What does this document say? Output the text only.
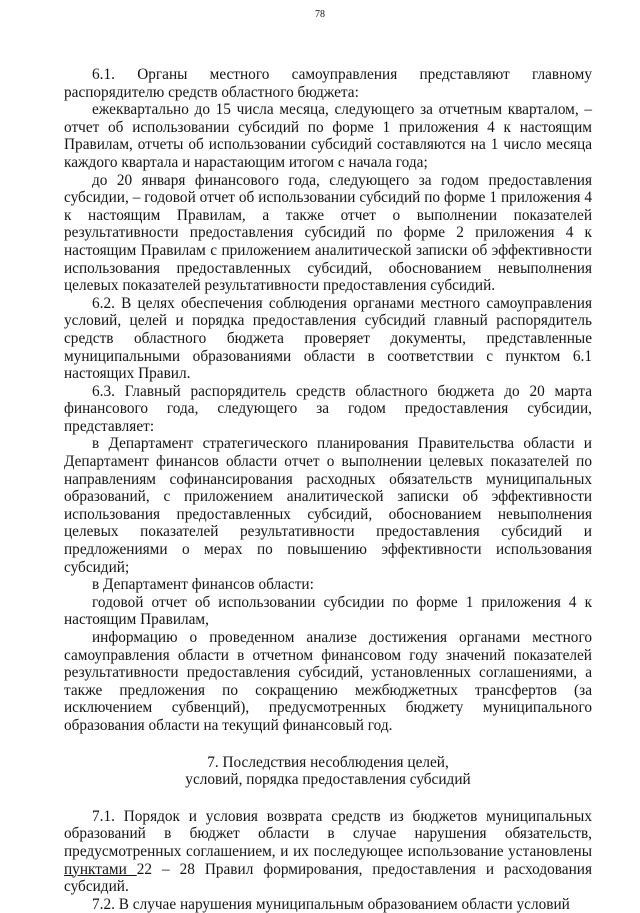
78

6.1. Органы местного самоуправления представляют главному распорядителю средств областного бюджета:

ежеквартально до 15 числа месяца, следующего за отчетным кварталом, – отчет об использовании субсидий по форме 1 приложения 4 к настоящим Правилам, отчеты об использовании субсидий составляются на 1 число месяца каждого квартала и нарастающим итогом с начала года;

до 20 января финансового года, следующего за годом предоставления субсидии, – годовой отчет об использовании субсидий по форме 1 приложения 4 к настоящим Правилам, а также отчет о выполнении показателей результативности предоставления субсидий по форме 2 приложения 4 к настоящим Правилам с приложением аналитической записки об эффективности использования предоставленных субсидий, обоснованием невыполнения целевых показателей результативности предоставления субсидий.

6.2. В целях обеспечения соблюдения органами местного самоуправления условий, целей и порядка предоставления субсидий главный распорядитель средств областного бюджета проверяет документы, представленные муниципальными образованиями области в соответствии с пунктом 6.1 настоящих Правил.

6.3. Главный распорядитель средств областного бюджета до 20 марта финансового года, следующего за годом предоставления субсидии, представляет:

в Департамент стратегического планирования Правительства области и Департамент финансов области отчет о выполнении целевых показателей по направлениям софинансирования расходных обязательств муниципальных образований, с приложением аналитической записки об эффективности использования предоставленных субсидий, обоснованием невыполнения целевых показателей результативности предоставления субсидий и предложениями о мерах по повышению эффективности использования субсидий;

в Департамент финансов области:

годовой отчет об использовании субсидии по форме 1 приложения 4 к настоящим Правилам,

информацию о проведенном анализе достижения органами местного самоуправления области в отчетном финансовом году значений показателей результативности предоставления субсидий, установленных соглашениями, а также предложения по сокращению межбюджетных трансфертов (за исключением субвенций), предусмотренных бюджету муниципального образования области на текущий финансовый год.

7. Последствия несоблюдения целей,
условий, порядка предоставления субсидий

7.1. Порядок и условия возврата средств из бюджетов муниципальных образований в бюджет области в случае нарушения обязательств, предусмотренных соглашением, и их последующее использование установлены пунктами 22 – 28 Правил формирования, предоставления и расходования субсидий.

7.2. В случае нарушения муниципальным образованием области условий
